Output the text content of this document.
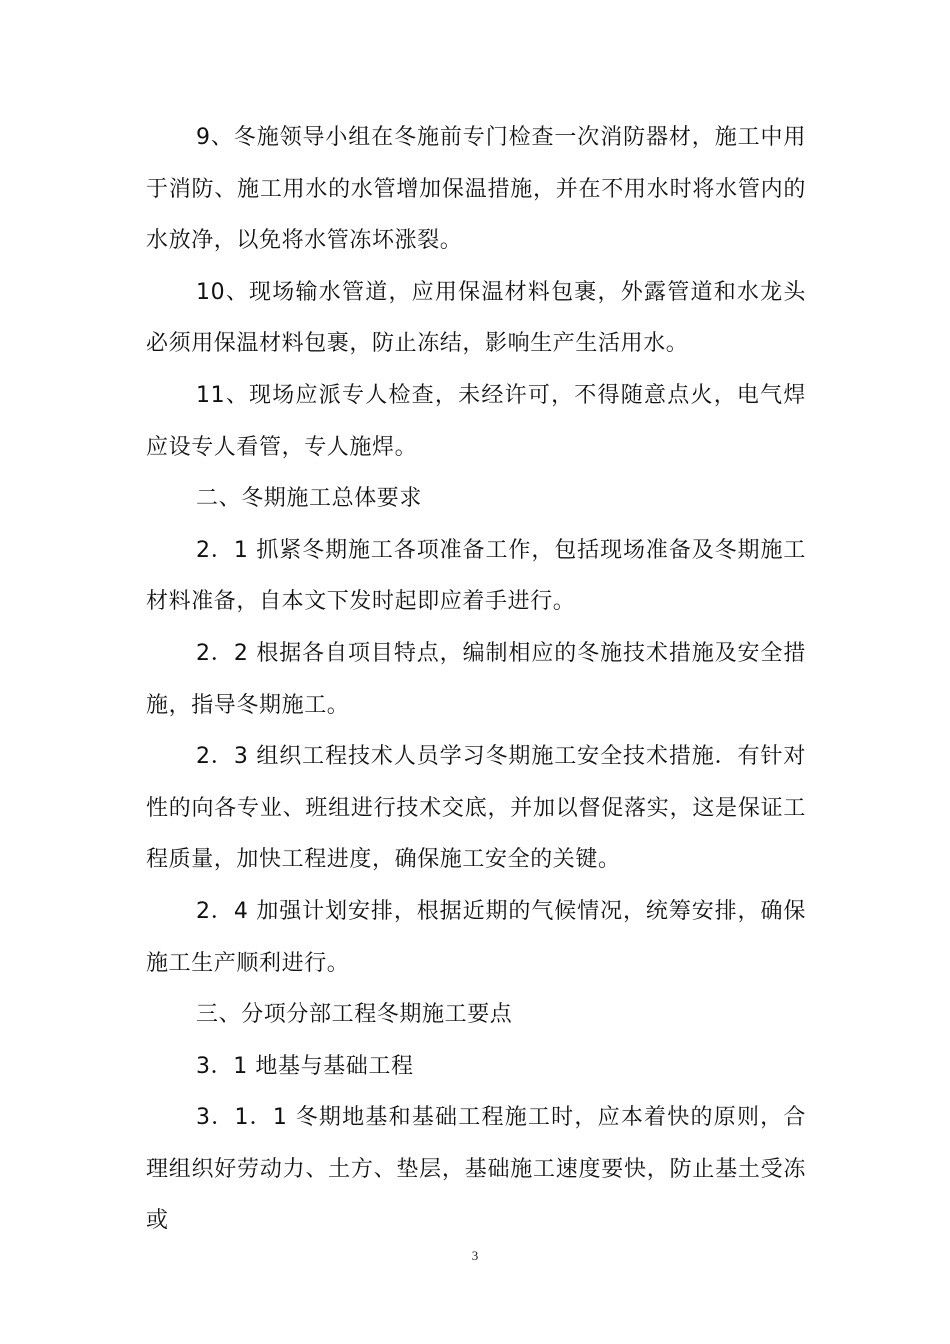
9、冬施领导小组在冬施前专门检查一次消防器材，施工中用于消防、施工用水的水管增加保温措施，并在不用水时将水管内的水放净，以免将水管冻坏涨裂。

10、现场输水管道，应用保温材料包裹，外露管道和水龙头必须用保温材料包裹，防止冻结，影响生产生活用水。

11、现场应派专人检查，未经许可，不得随意点火，电气焊应设专人看管，专人施焊。

二、冬期施工总体要求

2．1 抓紧冬期施工各项准备工作，包括现场准备及冬期施工材料准备，自本文下发时起即应着手进行。

2．2 根据各自项目特点，编制相应的冬施技术措施及安全措施，指导冬期施工。

2．3 组织工程技术人员学习冬期施工安全技术措施．有针对性的向各专业、班组进行技术交底，并加以督促落实，这是保证工程质量，加快工程进度，确保施工安全的关键。

2．4 加强计划安排，根据近期的气候情况，统筹安排，确保施工生产顺利进行。

三、分项分部工程冬期施工要点

3．1 地基与基础工程

3．1．1 冬期地基和基础工程施工时，应本着快的原则，合理组织好劳动力、土方、垫层，基础施工速度要快，防止基土受冻或

3
